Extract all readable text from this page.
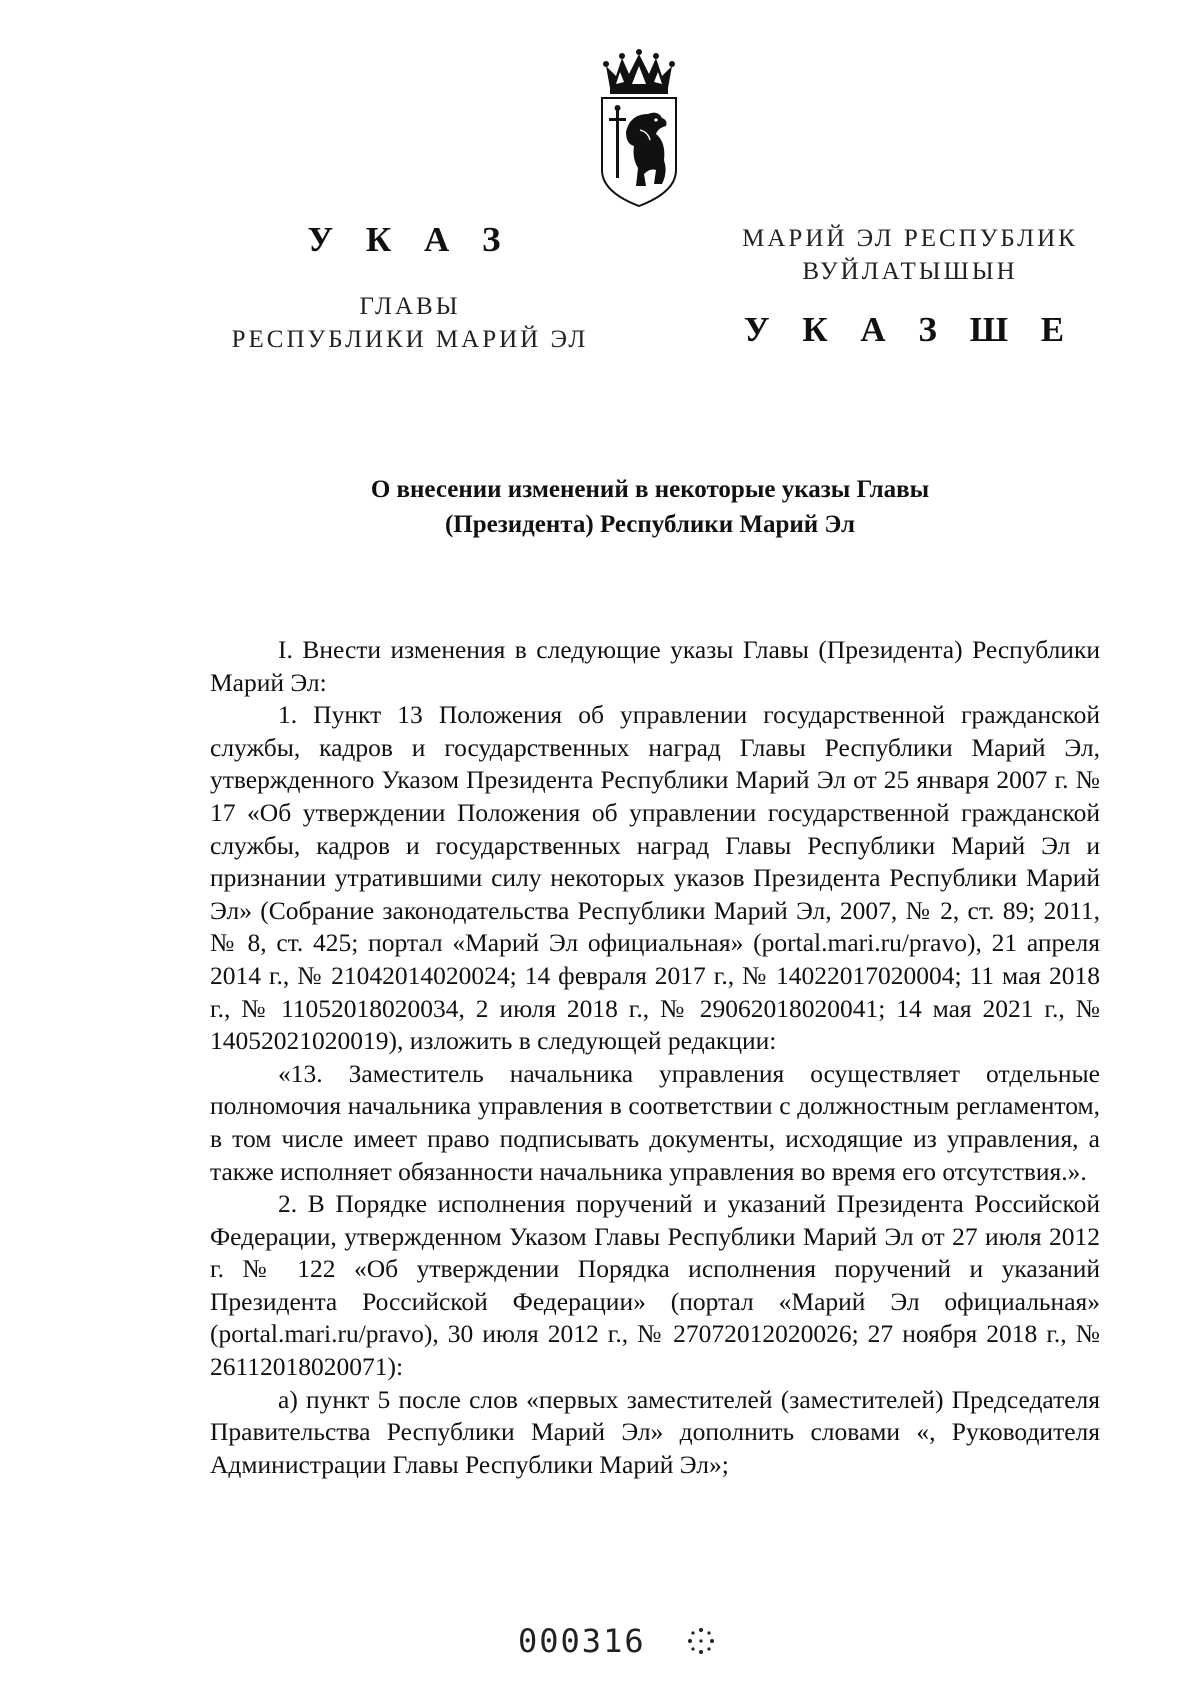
У К А З

ГЛАВЫ

РЕСПУБЛИКИ МАРИЙ ЭЛ

МАРИЙ ЭЛ РЕСПУБЛИК

ВУЙЛАТЫШЫН

У К А З Ш Е
О внесении изменений в некоторые указы Главы
(Президента) Республики Марий Эл

I. Внести изменения в следующие указы Главы (Президента) Республики Марий Эл:

1. Пункт 13 Положения об управлении государственной гражданской службы, кадров и государственных наград Главы Республики Марий Эл, утвержденного Указом Президента Республики Марий Эл от 25 января 2007 г. № 17 «Об утверждении Положения об управлении государственной гражданской службы, кадров и государственных наград Главы Республики Марий Эл и признании утратившими силу некоторых указов Президента Республики Марий Эл» (Собрание законодательства Республики Марий Эл, 2007, № 2, ст. 89; 2011, № 8, ст. 425; портал «Марий Эл официальная» (portal.mari.ru/pravo), 21 апреля 2014 г., № 21042014020024; 14 февраля 2017 г., № 14022017020004; 11 мая 2018 г., № 11052018020034, 2 июля 2018 г., № 29062018020041; 14 мая 2021 г., № 14052021020019), изложить в следующей редакции:

«13. Заместитель начальника управления осуществляет отдельные полномочия начальника управления в соответствии с должностным регламентом, в том числе имеет право подписывать документы, исходящие из управления, а также исполняет обязанности начальника управления во время его отсутствия.».

2. В Порядке исполнения поручений и указаний Президента Российской Федерации, утвержденном Указом Главы Республики Марий Эл от 27 июля 2012 г. № 122 «Об утверждении Порядка исполнения поручений и указаний Президента Российской Федерации» (портал «Марий Эл официальная» (portal.mari.ru/pravo), 30 июля 2012 г., № 27072012020026; 27 ноября 2018 г., № 26112018020071):

а) пункт 5 после слов «первых заместителей (заместителей) Председателя Правительства Республики Марий Эл» дополнить словами «, Руководителя Администрации Главы Республики Марий Эл»;

000316
